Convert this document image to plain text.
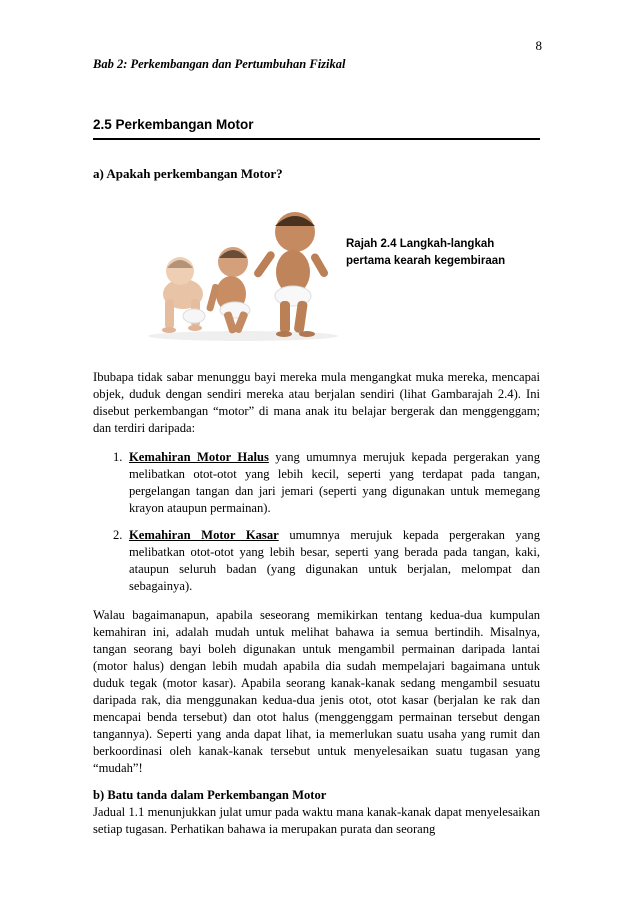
8
Bab 2: Perkembangan dan Pertumbuhan Fizikal
2.5 Perkembangan Motor
a) Apakah perkembangan Motor?
Rajah 2.4 Langkah-langkah pertama kearah kegembiraan

Ibubapa tidak sabar menunggu bayi mereka mula mengangkat muka mereka, mencapai objek, duduk dengan sendiri mereka atau berjalan sendiri (lihat Gambarajah 2.4). Ini disebut perkembangan “motor” di mana anak itu belajar bergerak dan menggenggam; dan terdiri daripada:

1. Kemahiran Motor Halus yang umumnya merujuk kepada pergerakan yang melibatkan otot-otot yang lebih kecil, seperti yang terdapat pada tangan, pergelangan tangan dan jari jemari (seperti yang digunakan untuk memegang krayon ataupun permainan).
2. Kemahiran Motor Kasar umumnya merujuk kepada pergerakan yang melibatkan otot-otot yang lebih besar, seperti yang berada pada tangan, kaki, ataupun seluruh badan (yang digunakan untuk berjalan, melompat dan sebagainya).

Walau bagaimanapun, apabila seseorang memikirkan tentang kedua-dua kumpulan kemahiran ini, adalah mudah untuk melihat bahawa ia semua bertindih. Misalnya, tangan seorang bayi boleh digunakan untuk mengambil permainan daripada lantai (motor halus) dengan lebih mudah apabila dia sudah mempelajari bagaimana untuk duduk tegak (motor kasar). Apabila seorang kanak-kanak sedang mengambil sesuatu daripada rak, dia menggunakan kedua-dua jenis otot, otot kasar (berjalan ke rak dan mencapai benda tersebut) dan otot halus (menggenggam permainan tersebut dengan tangannya). Seperti yang anda dapat lihat, ia memerlukan suatu usaha yang rumit dan berkoordinasi oleh kanak-kanak tersebut untuk menyelesaikan suatu tugasan yang “mudah”!

b) Batu tanda dalam Perkembangan Motor

Jadual 1.1 menunjukkan julat umur pada waktu mana kanak-kanak dapat menyelesaikan setiap tugasan. Perhatikan bahawa ia merupakan purata dan seorang
